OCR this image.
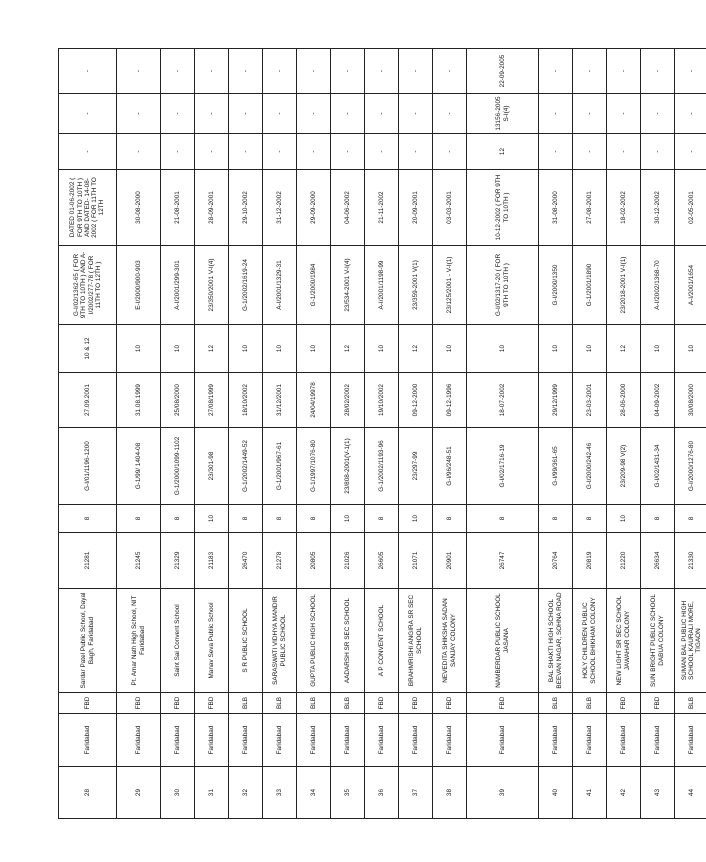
28	Faridabad	FBD	Sardar Patel Public School, Dayal Bagh, Faridabad	21281	8	G-I/01/1196-1200	27.09.2001	10 & 12	G-I/02/1362-65 ( FOR 9TH TO 10TH ) AND A-I/2002/277-78 ( FOR 11TH TO 12TH )	DATED 01-06-2002 ( FOR 9TH TO 10TH ) AND DATED- 14-08-2002 ( FOR 11TH TO 12TH	-	-	-
29	Faridabad	FBD	Pt. Amar Nath High School, NIT Faridabad	21245	8	G-1/99/ 1404-08	31.08.1999	10	E-I/2000/900-903	30-08-2000	-	-	-
30	Faridabad	FBD	Saint Sai Convent School	21329	8	G-1/2000/1099-1102	25/08/2000	10	A-I/2001/299-301	21-08-2001	-	-	-
31	Faridabad	FBD	Manav Seva Public School	21183	10	23/301-98	27/08/1999	12	23/350/2001 V-I(4)	28-09-2001	-	-	-
32	Faridabad	BLB	S R PUBLIC SCHOOL	26470	8	G-1/2002/1449-52	18/10/2002	10	G-1/2002/1619-24	29-10-2002	-	-	-
33	Faridabad	BLB	SARASWATI VIDHYA MANDIR PUBLIC SCHOOL	21278	8	G-1/2001/967-61	31/12/2001	10	A-I/2001/1329-31	31-12-2002	-	-	-
34	Faridabad	BLB	GUPTA PUBLIC HIGH SCHOOL	20805	8	G-1/1997/1076-80	24/04/19978	10	G-1/2000/1984	29-09-2000	-	-	-
35	Faridabad	BLB	AADARSH SR SEC SCHOOL	21026	10	23/808-2001(V-1(1)	28/02/2002	12	23/534-2001 V-I(4)	04-06-2002	-	-	-
36	Faridabad	FBD	A P CONVENT SCHOOL	26605	8	G-1/2002/1193-96	19/10/2002	10	A-I/2001/1198-99	21-11-2002	-	-	-
37	Faridabad	FBD	BRAHMRISHI ANGIRA SR SEC SCHOOL	21071	10	23/297-99	09-12-2000	12	23/359-2001 V(1)	20-09-2001	-	-	-
38	Faridabad	FBD	NEVEDITA SHIKSHA SADAN SANJAY COLONY	20901	8	G-I/96/248-51	09-12-1996	10	23/125/2001 - V-I(1)	03-03-2001	-	-	-
39	Faridabad	FBD	NAMBERDAR PUBLIC SCHOOL JASANA	26747	8	G-I/02/1716-19	18-07-2002	10	G-I/02/1317-20 ( FOR 9TH TO 10TH )	10-12-2002 ( FOR 9TH TO 10TH )	12	13156-2005 S-I(4)	22-09-2005
40	Faridabad	BLB	BAL SHAKTI HIGH SCHOOL BEEVAN NAGAR, SOHNA ROAD	20764	8	G-I/99/361-65	29/12/1999	10	G-I/2000/1350	31-08-2000	-	-	-
41	Faridabad	BLB	HOLY CHILDREN PUBLIC SCHOOL BHIKHAM COLONY	20819	8	G-I/2000/242-46	23-03-2001	10	G-1/2001/1890	27-08-2001	-	-	-
42	Faridabad	FBD	NEW LIGHT SR SEC SCHOOL JAWAHAR COLONY	21220	10	23/209-98 V(2)	28-06-2000	12	23/2018-2001 V-I(1)	18-02-2002	-	-	-
43	Faridabad	FBD	SUN BRIGHT PUBLIC SCHOOL DABUA COLONY	26634	8	G-I/02/1431-34	04-09-2002	10	A-I/2002/1368-70	30-12-2002	-	-	-
44	Faridabad	BLB	SUMAN BAL PUBLIC HIGH SCHOOL KAURALI MORE, TIGAON	21330	8	G-I/2000/1276-80	30/08/2000	10	A-I/2001/1654	02-05-2001	-	-	-
